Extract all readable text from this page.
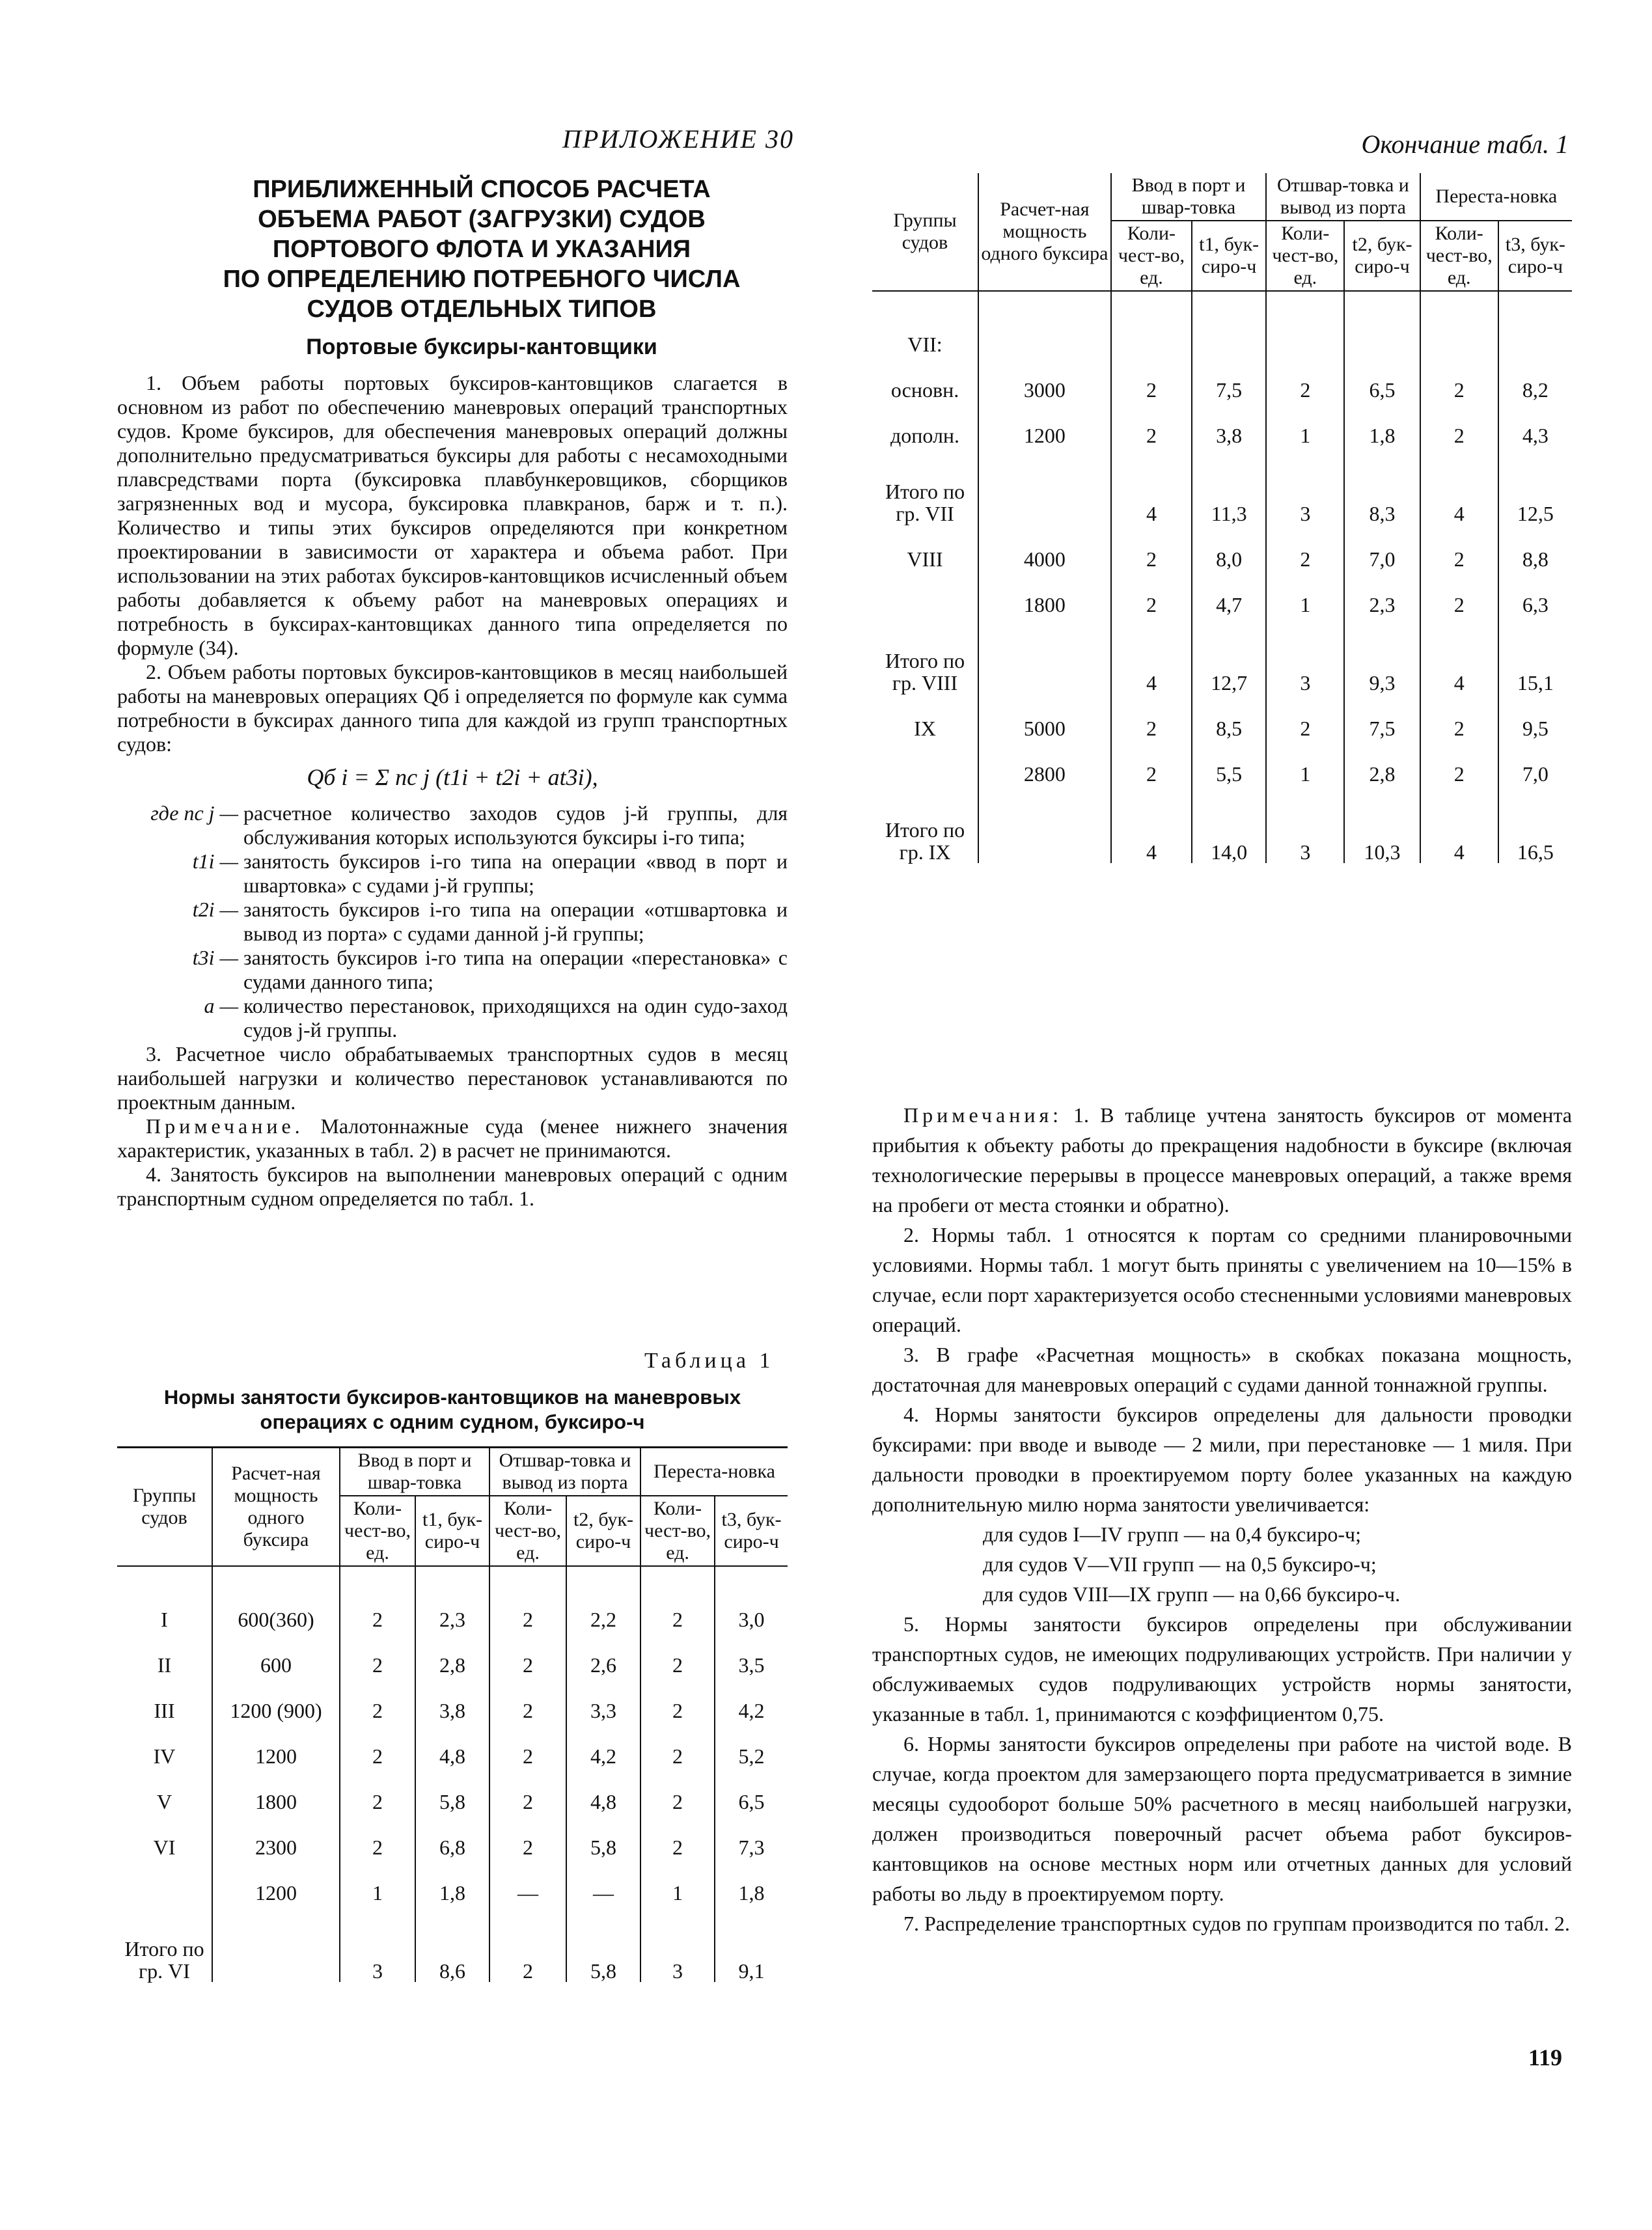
ПРИЛОЖЕНИЕ 30	Окончание табл. 1
ПРИБЛИЖЕННЫЙ СПОСОБ РАСЧЕТА
ОБЪЕМА РАБОТ (ЗАГРУЗКИ) СУДОВ
ПОРТОВОГО ФЛОТА И УКАЗАНИЯ
ПО ОПРЕДЕЛЕНИЮ ПОТРЕБНОГО ЧИСЛА
СУДОВ ОТДЕЛЬНЫХ ТИПОВ
Портовые буксиры-кантовщики

1. Объем работы портовых буксиров-кантовщиков слагается в основном из работ по обеспечению маневровых операций транспортных судов. Кроме буксиров, для обеспечения маневровых операций должны дополнительно предусматриваться буксиры для работы с несамоходными плавсредствами порта (буксировка плавбункеровщиков, сборщиков загрязненных вод и мусора, буксировка плавкранов, барж и т. п.). Количество и типы этих буксиров определяются при конкретном проектировании в зависимости от характера и объема работ. При использовании на этих работах буксиров-кантовщиков исчисленный объем работы добавляется к объему работ на маневровых операциях и потребность в буксирах-кантовщиках данного типа определяется по формуле (34).

2. Объем работы портовых буксиров-кантовщиков в месяц наибольшей работы на маневровых операциях Qб i определяется по формуле как сумма потребности в буксирах данного типа для каждой из групп транспортных судов:

Qб i = Σ nc j (t1i + t2i + at3i),
где nc j — расчетное количество заходов судов j-й группы, для обслуживания которых используются буксиры i-го типа;
t1i — занятость буксиров i-го типа на операции «ввод в порт и швартовка» с судами j-й группы;
t2i — занятость буксиров i-го типа на операции «отшвартовка и вывод из порта» с судами данной j-й группы;
t3i — занятость буксиров i-го типа на операции «перестановка» с судами данного типа;
a — количество перестановок, приходящихся на один судо-заход судов j-й группы.

3. Расчетное число обрабатываемых транспортных судов в месяц наибольшей нагрузки и количество перестановок устанавливаются по проектным данным.

Примечание. Малотоннажные суда (менее нижнего значения характеристик, указанных в табл. 2) в расчет не принимаются.

4. Занятость буксиров на выполнении маневровых операций с одним транспортным судном определяется по табл. 1.

Таблица 1
Нормы занятости буксиров-кантовщиков на маневровых операциях с одним судном, буксиро-ч
Группы судов	Расчет-ная мощность одного буксира	Ввод в порт и швар-товка		Отшвар-товка и вывод из порта		Переста-новка	
		Коли-чест-во, ед.	t1, бук-сиро-ч	Коли-чест-во, ед.	t2, бук-сиро-ч	Коли-чест-во, ед.	t3, бук-сиро-ч

I	600(360)	2	2,3	2	2,2	2	3,0
II	600	2	2,8	2	2,6	2	3,5
III	1200 (900)	2	3,8	2	3,3	2	4,2
IV	1200	2	4,8	2	4,2	2	5,2
V	1800	2	5,8	2	4,8	2	6,5
VI	2300	2	6,8	2	5,8	2	7,3
	1200	1	1,8	—	—	1	1,8
Итого по гр. VI		3	8,6	2	5,8	3	9,1
Группы судов	Расчет-ная мощность одного буксира	Ввод в порт и швар-товка		Отшвар-товка и вывод из порта		Переста-новка	
		Коли-чест-во, ед.	t1, бук-сиро-ч	Коли-чест-во, ед.	t2, бук-сиро-ч	Коли-чест-во, ед.	t3, бук-сиро-ч

VII:							
основн.	3000	2	7,5	2	6,5	2	8,2
дополн.	1200	2	3,8	1	1,8	2	4,3
Итого по гр. VII		4	11,3	3	8,3	4	12,5
VIII	4000	2	8,0	2	7,0	2	8,8
	1800	2	4,7	1	2,3	2	6,3
Итого по гр. VIII		4	12,7	3	9,3	4	15,1
IX	5000	2	8,5	2	7,5	2	9,5
	2800	2	5,5	1	2,8	2	7,0
Итого по гр. IX		4	14,0	3	10,3	4	16,5

Примечания: 1. В таблице учтена занятость буксиров от момента прибытия к объекту работы до прекращения надобности в буксире (включая технологические перерывы в процессе маневровых операций, а также время на пробеги от места стоянки и обратно).

2. Нормы табл. 1 относятся к портам со средними планировочными условиями. Нормы табл. 1 могут быть приняты с увеличением на 10—15% в случае, если порт характеризуется особо стесненными условиями маневровых операций.

3. В графе «Расчетная мощность» в скобках показана мощность, достаточная для маневровых операций с судами данной тоннажной группы.

4. Нормы занятости буксиров определены для дальности проводки буксирами: при вводе и выводе — 2 мили, при перестановке — 1 миля. При дальности проводки в проектируемом порту более указанных на каждую дополнительную милю норма занятости увеличивается:

для судов I—IV групп — на 0,4 буксиро-ч;

для судов V—VII групп — на 0,5 буксиро-ч;

для судов VIII—IX групп — на 0,66 буксиро-ч.

5. Нормы занятости буксиров определены при обслуживании транспортных судов, не имеющих подруливающих устройств. При наличии у обслуживаемых судов подруливающих устройств нормы занятости, указанные в табл. 1, принимаются с коэффициентом 0,75.

6. Нормы занятости буксиров определены при работе на чистой воде. В случае, когда проектом для замерзающего порта предусматривается в зимние месяцы судооборот больше 50% расчетного в месяц наибольшей нагрузки, должен производиться поверочный расчет объема работ буксиров-кантовщиков на основе местных норм или отчетных данных для условий работы во льду в проектируемом порту.

7. Распределение транспортных судов по группам производится по табл. 2.

119
